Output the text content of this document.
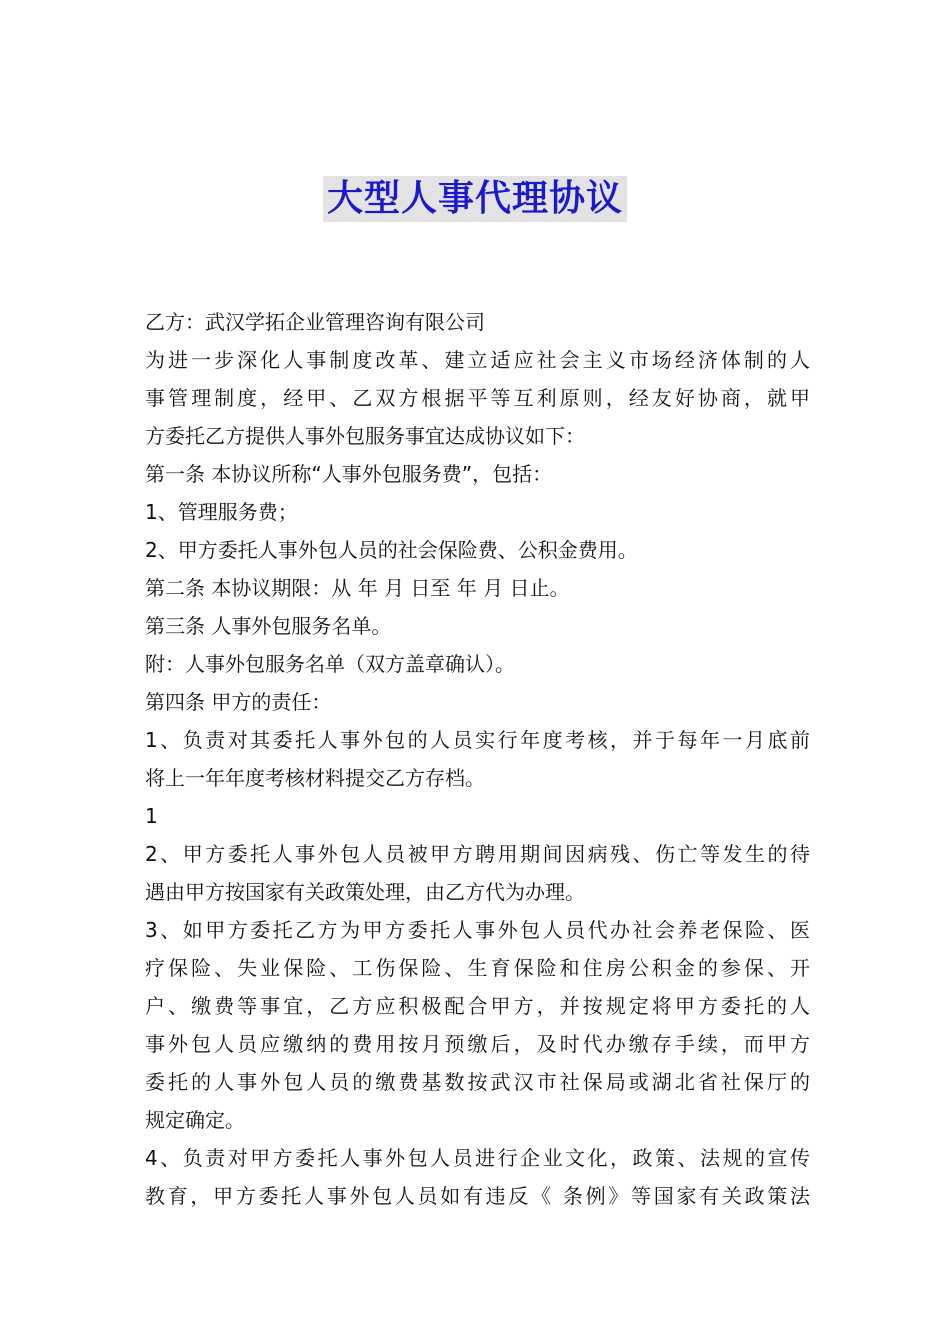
大型人事代理协议
乙方：武汉学拓企业管理咨询有限公司
为进一步深化人事制度改革、建立适应社会主义市场经济体制的人
事管理制度，经甲、乙双方根据平等互利原则，经友好协商，就甲
方委托乙方提供人事外包服务事宜达成协议如下：
第一条 本协议所称“人事外包服务费”，包括：
1、管理服务费；
2、甲方委托人事外包人员的社会保险费、公积金费用。
第二条 本协议期限：从 年 月 日至 年 月 日止。
第三条 人事外包服务名单。
附：人事外包服务名单（双方盖章确认）。
第四条 甲方的责任：
1、负责对其委托人事外包的人员实行年度考核，并于每年一月底前
将上一年年度考核材料提交乙方存档。
1
2、甲方委托人事外包人员被甲方聘用期间因病残、伤亡等发生的待
遇由甲方按国家有关政策处理，由乙方代为办理。
3、如甲方委托乙方为甲方委托人事外包人员代办社会养老保险、医
疗保险、失业保险、工伤保险、生育保险和住房公积金的参保、开
户、缴费等事宜，乙方应积极配合甲方，并按规定将甲方委托的人
事外包人员应缴纳的费用按月预缴后，及时代办缴存手续，而甲方
委托的人事外包人员的缴费基数按武汉市社保局或湖北省社保厅的
规定确定。
4、负责对甲方委托人事外包人员进行企业文化，政策、法规的宣传
教育，甲方委托人事外包人员如有违反《 条例》等国家有关政策法
